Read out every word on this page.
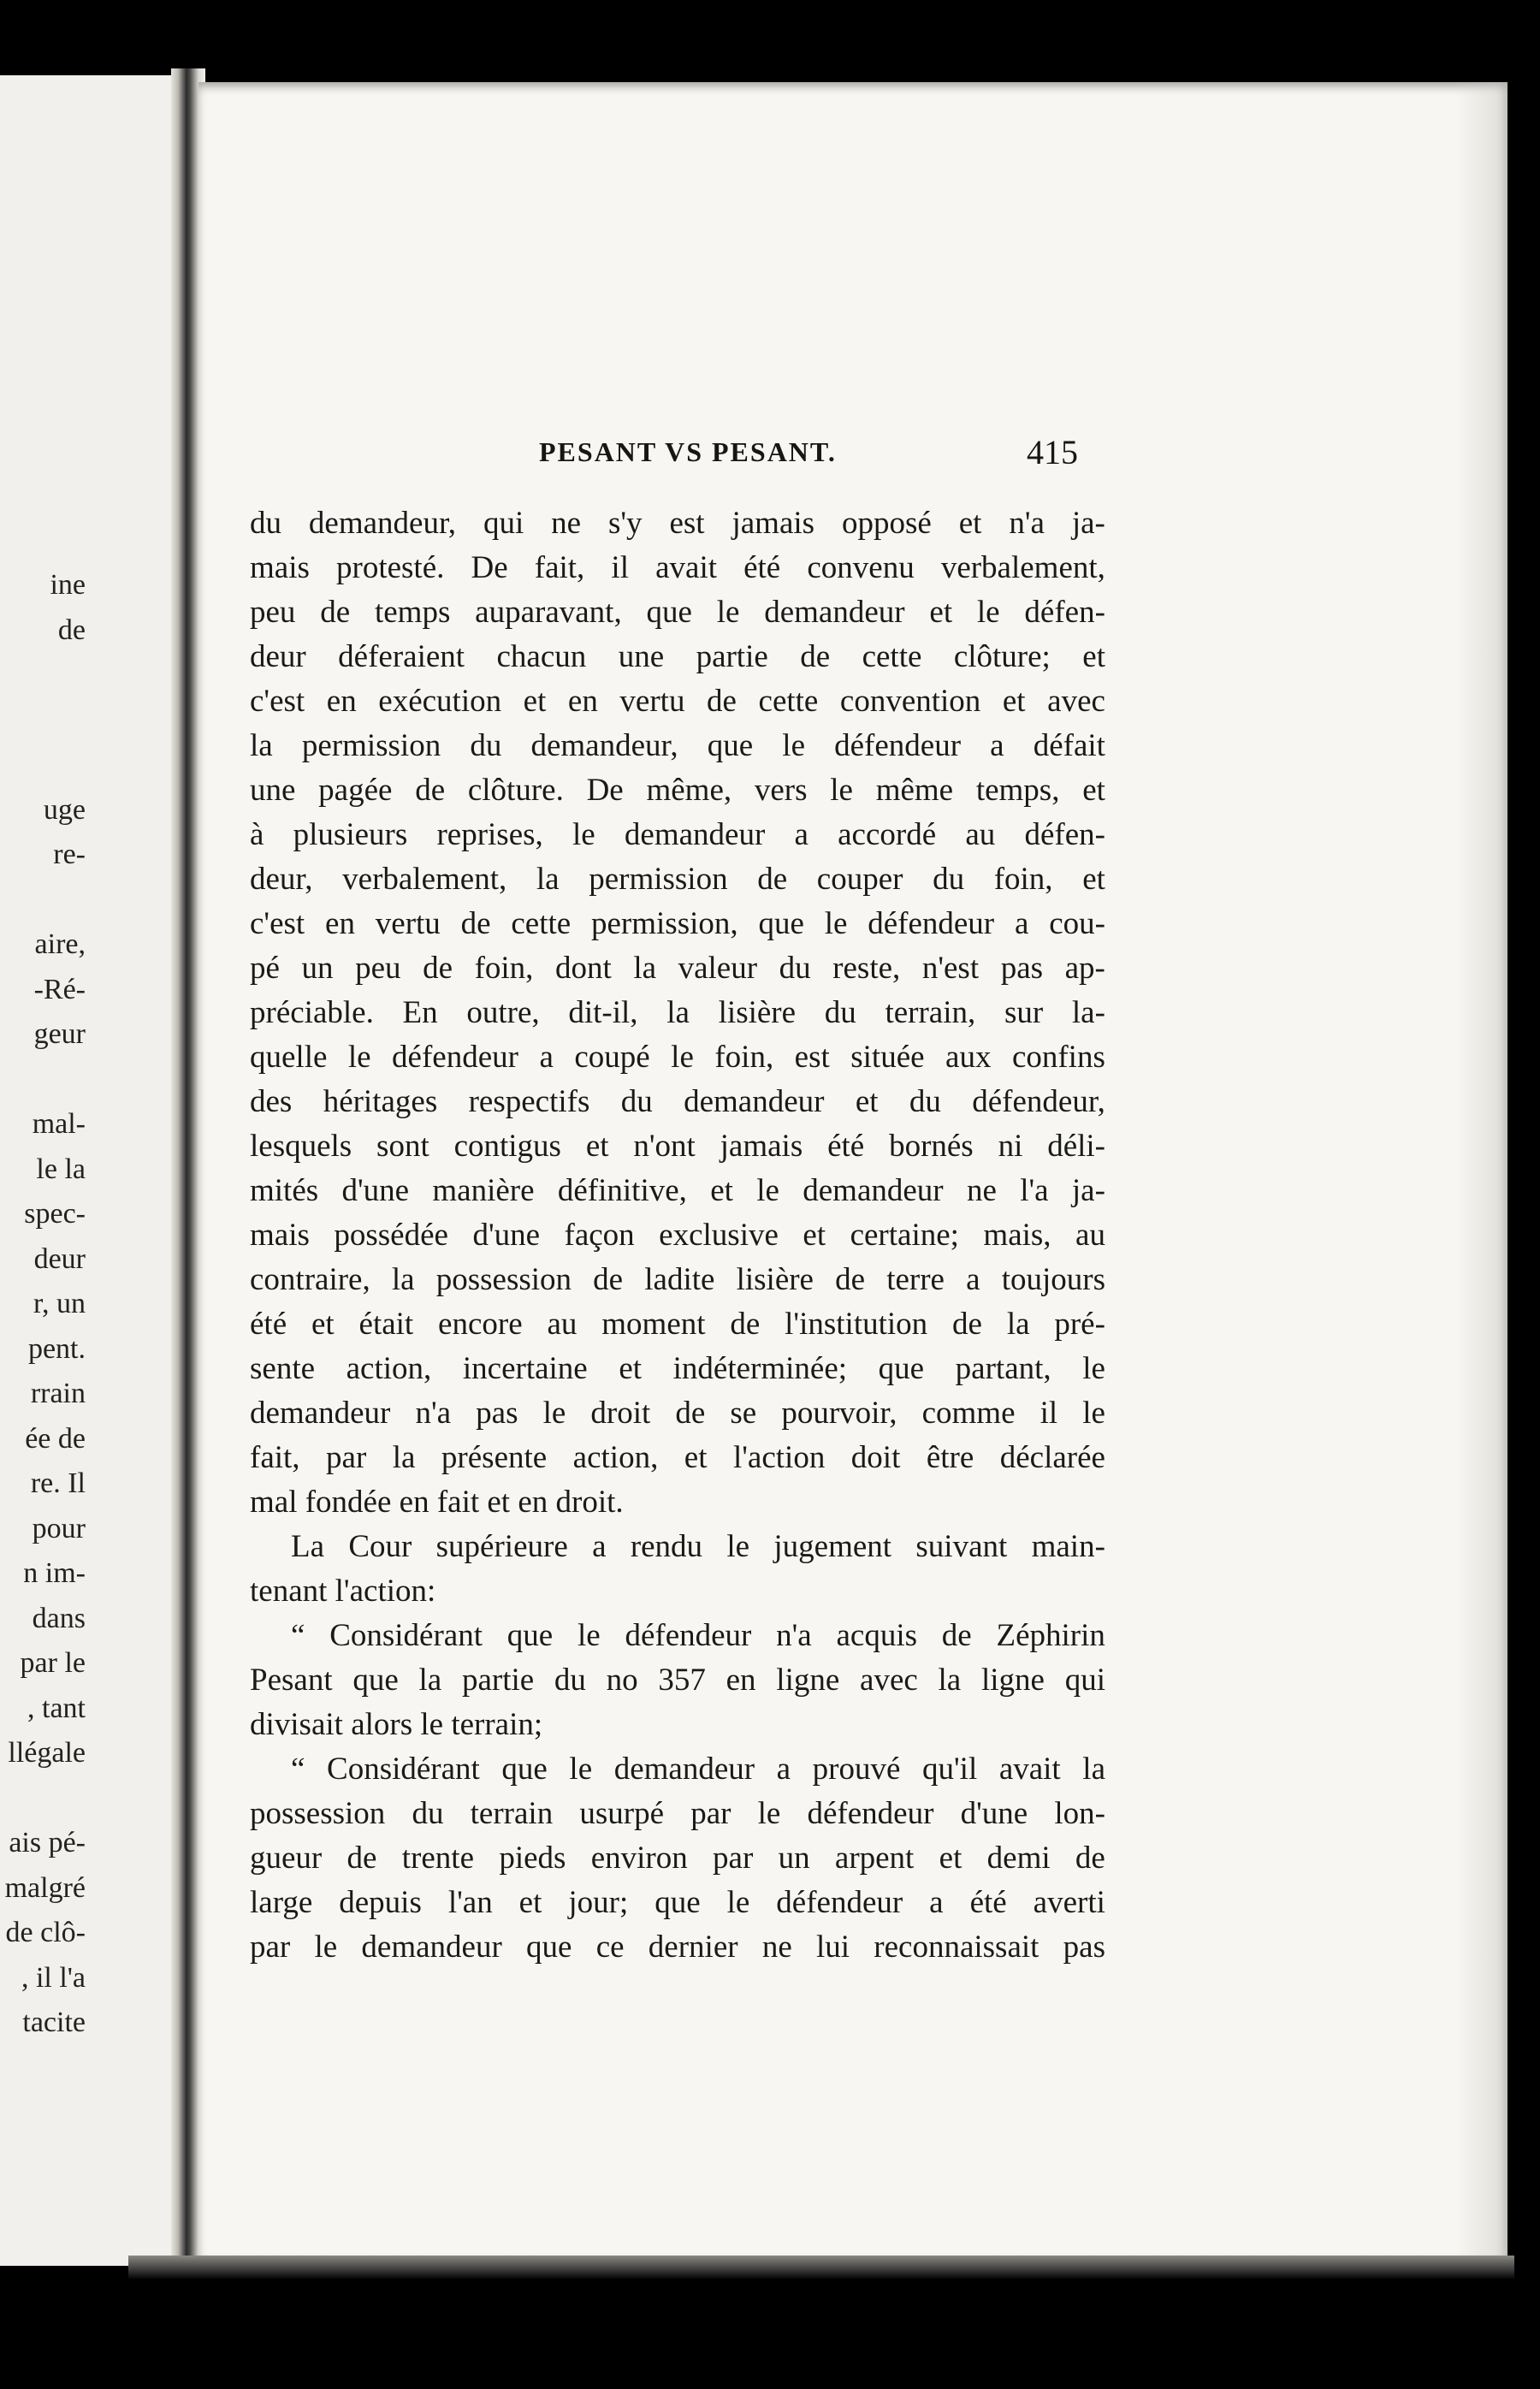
ine
de
uge
re-
aire,
-Ré-
geur
mal-
le la
spec-
deur
r, un
pent.
rrain
ée de
re. Il
pour
n im-
dans
par le
, tant
llégale
ais pé-
malgré
de clô-
, il l'a
tacite
PESANT VS PESANT.	415
du demandeur, qui ne s'y est jamais opposé et n'a ja-
mais protesté. De fait, il avait été convenu verbalement,
peu de temps auparavant, que le demandeur et le défen-
deur déferaient chacun une partie de cette clôture; et
c'est en exécution et en vertu de cette convention et avec
la permission du demandeur, que le défendeur a défait
une pagée de clôture. De même, vers le même temps, et
à plusieurs reprises, le demandeur a accordé au défen-
deur, verbalement, la permission de couper du foin, et
c'est en vertu de cette permission, que le défendeur a cou-
pé un peu de foin, dont la valeur du reste, n'est pas ap-
préciable. En outre, dit-il, la lisière du terrain, sur la-
quelle le défendeur a coupé le foin, est située aux confins
des héritages respectifs du demandeur et du défendeur,
lesquels sont contigus et n'ont jamais été bornés ni déli-
mités d'une manière définitive, et le demandeur ne l'a ja-
mais possédée d'une façon exclusive et certaine; mais, au
contraire, la possession de ladite lisière de terre a toujours
été et était encore au moment de l'institution de la pré-
sente action, incertaine et indéterminée; que partant, le
demandeur n'a pas le droit de se pourvoir, comme il le
fait, par la présente action, et l'action doit être déclarée
mal fondée en fait et en droit.
La Cour supérieure a rendu le jugement suivant main-
tenant l'action:
“ Considérant que le défendeur n'a acquis de Zéphirin
Pesant que la partie du no 357 en ligne avec la ligne qui
divisait alors le terrain;
“ Considérant que le demandeur a prouvé qu'il avait la
possession du terrain usurpé par le défendeur d'une lon-
gueur de trente pieds environ par un arpent et demi de
large depuis l'an et jour; que le défendeur a été averti
par le demandeur que ce dernier ne lui reconnaissait pas
